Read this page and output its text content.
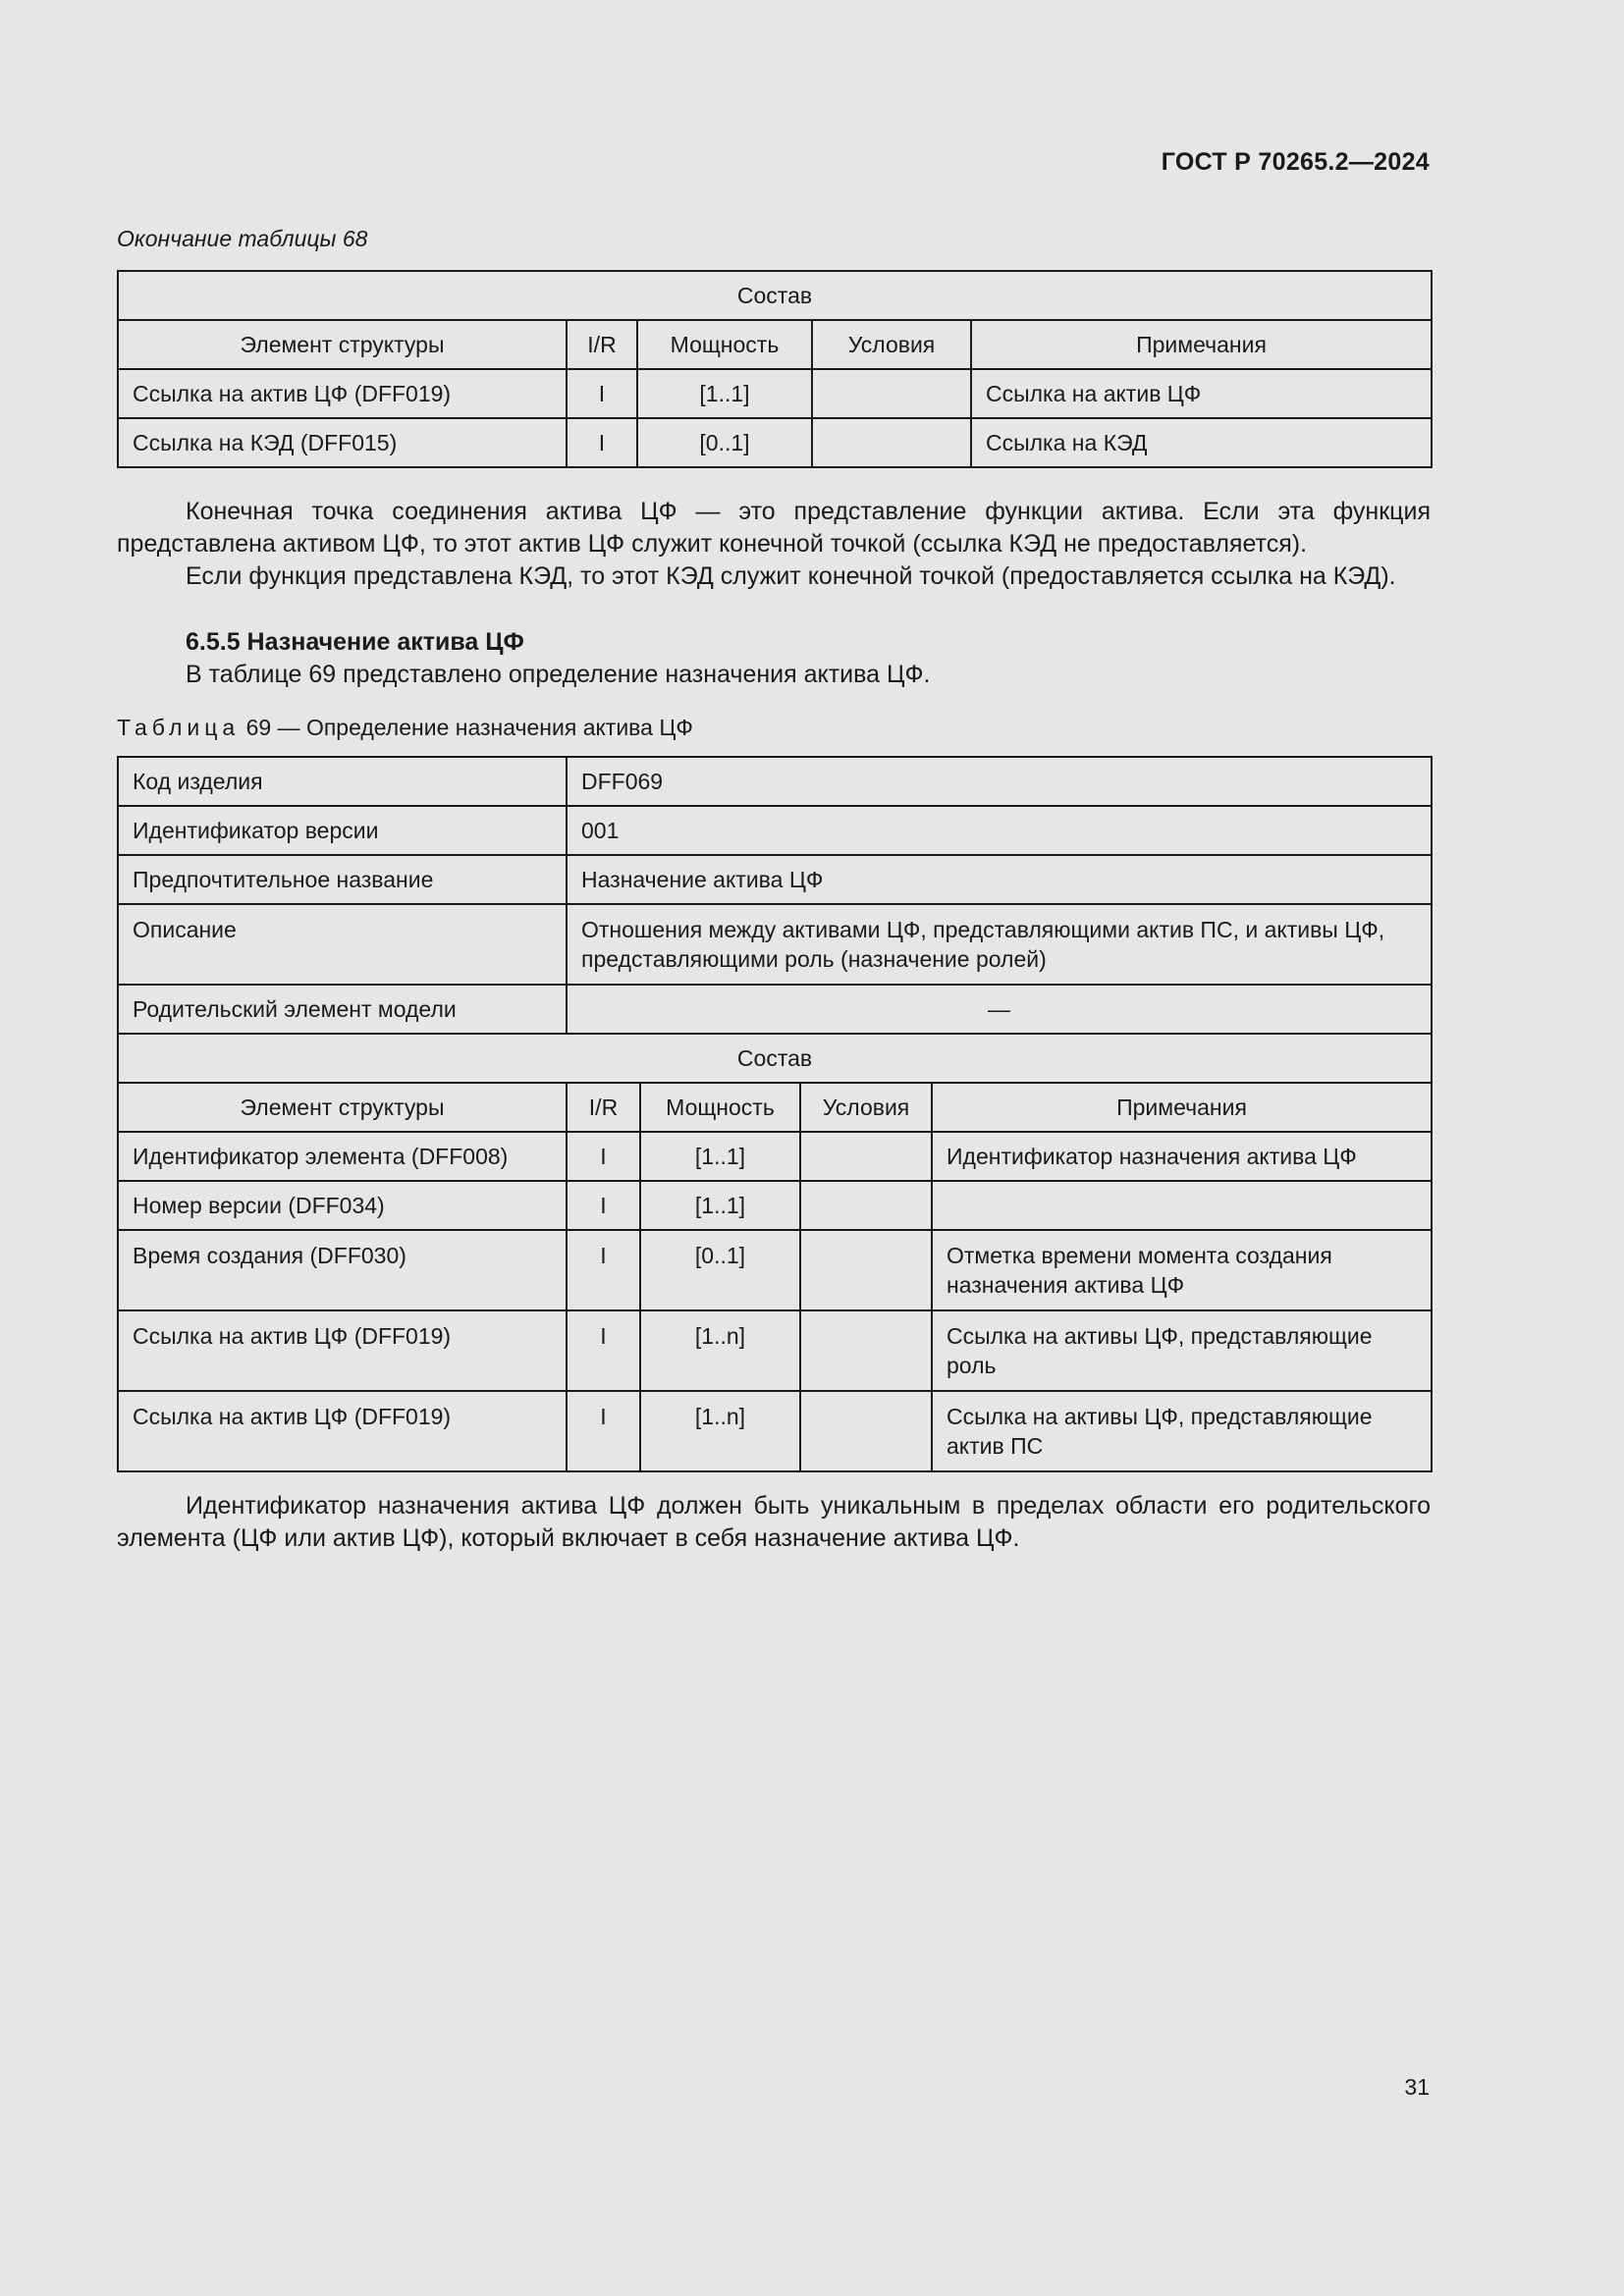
ГОСТ Р 70265.2—2024
Окончание таблицы 68
Состав				
Элемент структуры	I/R	Мощность	Условия	Примечания
Ссылка на актив ЦФ (DFF019)	I	[1..1]		Ссылка на актив ЦФ
Ссылка на КЭД (DFF015)	I	[0..1]		Ссылка на КЭД

Конечная точка соединения актива ЦФ — это представление функции актива. Если эта функция представлена активом ЦФ, то этот актив ЦФ служит конечной точкой (ссылка КЭД не предоставляется).

Если функция представлена КЭД, то этот КЭД служит конечной точкой (предоставляется ссылка на КЭД).

6.5.5 Назначение актива ЦФ

В таблице 69 представлено определение назначения актива ЦФ.

Таблица 69 — Определение назначения актива ЦФ
Код изделия	DFF069			
Идентификатор версии	001			
Предпочтительное название	Назначение актива ЦФ			
Описание	Отношения между активами ЦФ, представляющими актив ПС, и активы ЦФ, представляющими роль (назначение ролей)			
Родительский элемент модели	—			
Состав				
Элемент структуры	I/R	Мощность	Условия	Примечания
Идентификатор элемента (DFF008)	I	[1..1]		Идентификатор назначения актива ЦФ
Номер версии (DFF034)	I	[1..1]		
Время создания (DFF030)	I	[0..1]		Отметка времени момента создания назначения актива ЦФ
Ссылка на актив ЦФ (DFF019)	I	[1..n]		Ссылка на активы ЦФ, представляющие роль
Ссылка на актив ЦФ (DFF019)	I	[1..n]		Ссылка на активы ЦФ, представляющие актив ПС

Идентификатор назначения актива ЦФ должен быть уникальным в пределах области его родительского элемента (ЦФ или актив ЦФ), который включает в себя назначение актива ЦФ.

31
